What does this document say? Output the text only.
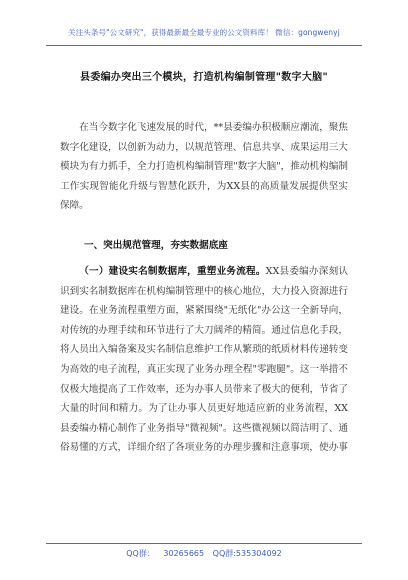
关注头条号"公文研究"，获得最新最全最专业的公文资料库！ 微信：gongwenyj
县委编办突出三个模块，打造机构编制管理"数字大脑"
在当今数字化飞速发展的时代，**县委编办积极顺应潮流，聚焦数字化建设，以创新为动力，以规范管理、信息共享、成果运用三大模块为有力抓手，全力打造机构编制管理"数字大脑"，推动机构编制工作实现智能化升级与智慧化跃升，为XX县的高质量发展提供坚实保障。
一、突出规范管理，夯实数据底座
（一）建设实名制数据库，重塑业务流程。XX县委编办深刻认识到实名制数据库在机构编制管理中的核心地位，大力投入资源进行建设。在业务流程重塑方面，紧紧围绕"无纸化"办公这一全新导向，对传统的办理手续和环节进行了大刀阔斧的精简。通过信息化手段，将人员出入编备案及实名制信息维护工作从繁琐的纸质材料传递转变为高效的电子流程，真正实现了业务办理全程"零跑腿"。这一举措不仅极大地提高了工作效率，还为办事人员带来了极大的便利，节省了大量的时间和精力。为了让办事人员更好地适应新的业务流程，XX县委编办精心制作了业务指导"微视频"。这些微视频以简洁明了、通俗易懂的方式，详细介绍了各项业务的办理步骤和注意事项，使办事
QQ群： 30265665 QQ群:535304092
